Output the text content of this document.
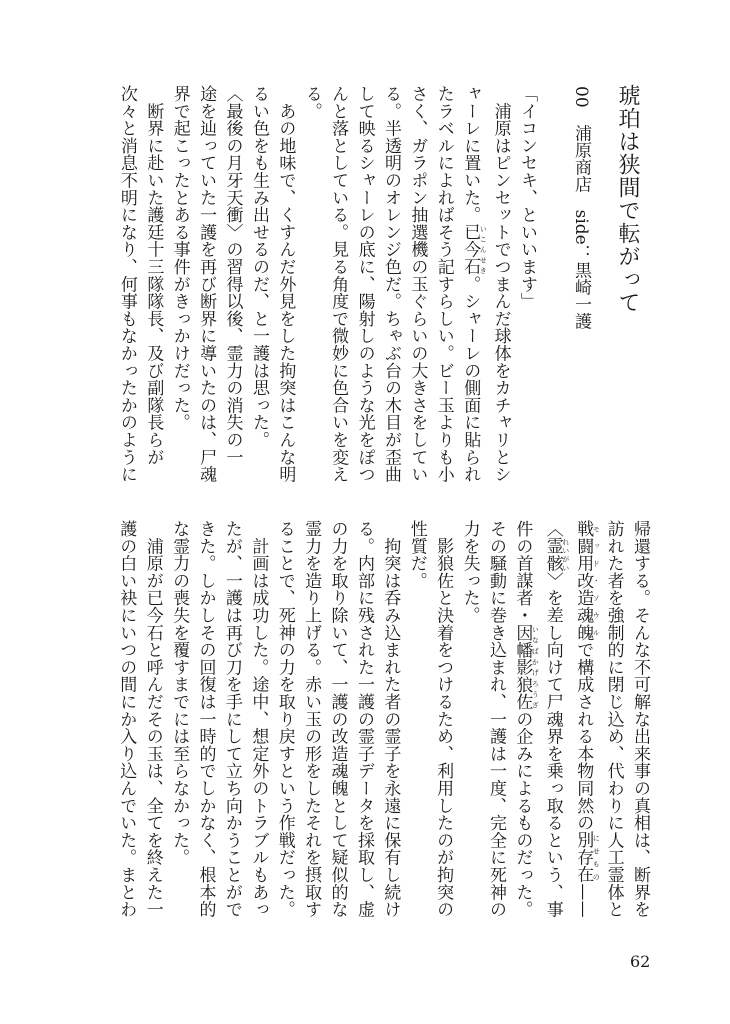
琥珀は狭間で転がって
00　浦原商店　side：黒崎一護
「イコンセキ、といいます」
　浦原はピンセットでつまんだ球体をカチャリとシ
ャーレに置いた。已今石 いこんせき。シャーレの側面に貼られ
たラベルによればそう記すらしい。ビー玉よりも小
さく、ガラポン抽選機の玉ぐらいの大きさをしてい
る。半透明のオレンジ色だ。ちゃぶ台の木目が歪曲
して映るシャーレの底に、陽射しのような光をぽつ
んと落としている。見る角度で微妙に色合いを変え
る。
　あの地味で、くすんだ外見をした拘突はこんな明
るい色をも生み出せるのだ、と一護は思った。
〈最後の月牙天衝〉の習得以後、霊力の消失の一
途を辿っていた一護を再び断界に導いたのは、尸魂
界で起こったとある事件がきっかけだった。
　断界に赴いた護廷十三隊隊長、及び副隊長らが
次々と消息不明になり、何事もなかったかのように
帰還する。そんな不可解な出来事の真相は、断界を
訪れた者を強制的に閉じ込め、代わりに人工霊体と
戦闘用改造魂魄 モッド・ソウルで構成される本物同然の別存在 にせもの——
〈霊骸 れいがい〉を差し向けて尸魂界を乗っ取るという、事
件の首謀者・因幡影狼佐 いなばかげろうざの企みによるものだった。
その騒動に巻き込まれ、一護は一度、完全に死神の
力を失った。
　影狼佐と決着をつけるため、利用したのが拘突の
性質だ。
　拘突は呑み込まれた者の霊子を永遠に保有し続け
る。内部に残された一護の霊子データを採取し、虚
の力を取り除いて、一護の改造魂魄として疑似的な
霊力を造り上げる。赤い玉の形をしたそれを摂取す
ることで、死神の力を取り戻すという作戦だった。
　計画は成功した。途中、想定外のトラブルもあっ
たが、一護は再び刀を手にして立ち向かうことがで
きた。しかしその回復は一時的でしかなく、根本的
な霊力の喪失を覆すまでには至らなかった。
　浦原が已今石と呼んだその玉は、全てを終えた一
護の白い袂にいつの間にか入り込んでいた。まとわ
62
